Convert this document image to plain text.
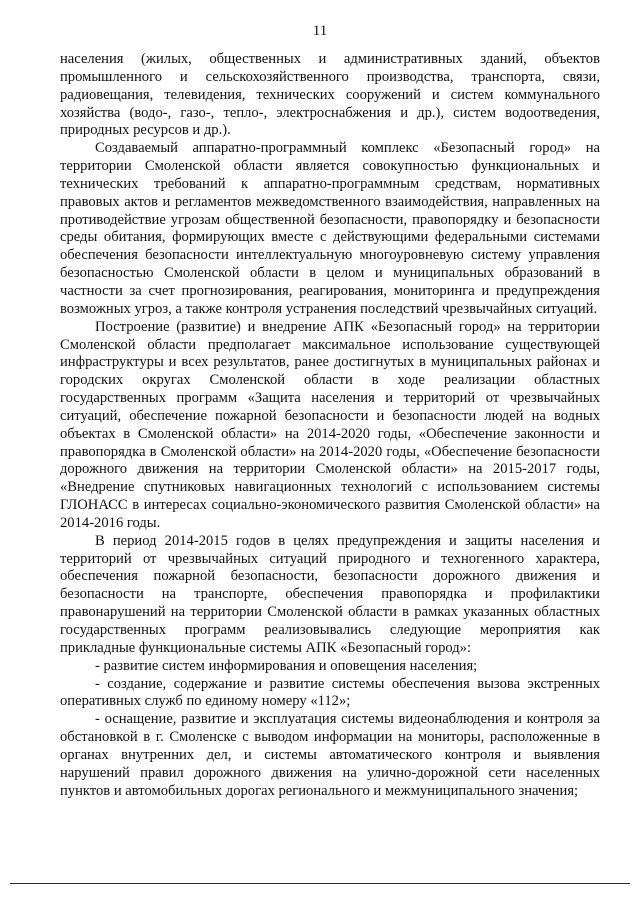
11

населения (жилых, общественных и административных зданий, объектов промышленного и сельскохозяйственного производства, транспорта, связи, радиовещания, телевидения, технических сооружений и систем коммунального хозяйства (водо-, газо-, тепло-, электроснабжения и др.), систем водоотведения, природных ресурсов и др.).

Создаваемый аппаратно-программный комплекс «Безопасный город» на территории Смоленской области является совокупностью функциональных и технических требований к аппаратно-программным средствам, нормативных правовых актов и регламентов межведомственного взаимодействия, направленных на противодействие угрозам общественной безопасности, правопорядку и безопасности среды обитания, формирующих вместе с действующими федеральными системами обеспечения безопасности интеллектуальную многоуровневую систему управления безопасностью Смоленской области в целом и муниципальных образований в частности за счет прогнозирования, реагирования, мониторинга и предупреждения возможных угроз, а также контроля устранения последствий чрезвычайных ситуаций.

Построение (развитие) и внедрение АПК «Безопасный город» на территории Смоленской области предполагает максимальное использование существующей инфраструктуры и всех результатов, ранее достигнутых в муниципальных районах и городских округах Смоленской области в ходе реализации областных государственных программ «Защита населения и территорий от чрезвычайных ситуаций, обеспечение пожарной безопасности и безопасности людей на водных объектах в Смоленской области» на 2014-2020 годы, «Обеспечение законности и правопорядка в Смоленской области» на 2014-2020 годы, «Обеспечение безопасности дорожного движения на территории Смоленской области» на 2015-2017 годы, «Внедрение спутниковых навигационных технологий с использованием системы ГЛОНАСС в интересах социально-экономического развития Смоленской области» на 2014-2016 годы.

В период 2014-2015 годов в целях предупреждения и защиты населения и территорий от чрезвычайных ситуаций природного и техногенного характера, обеспечения пожарной безопасности, безопасности дорожного движения и безопасности на транспорте, обеспечения правопорядка и профилактики правонарушений на территории Смоленской области в рамках указанных областных государственных программ реализовывались следующие мероприятия как прикладные функциональные системы АПК «Безопасный город»:

- развитие систем информирования и оповещения населения;

- создание, содержание и развитие системы обеспечения вызова экстренных оперативных служб по единому номеру «112»;

- оснащение, развитие и эксплуатация системы видеонаблюдения и контроля за обстановкой в г. Смоленске с выводом информации на мониторы, расположенные в органах внутренних дел, и системы автоматического контроля и выявления нарушений правил дорожного движения на улично-дорожной сети населенных пунктов и автомобильных дорогах регионального и межмуниципального значения;
